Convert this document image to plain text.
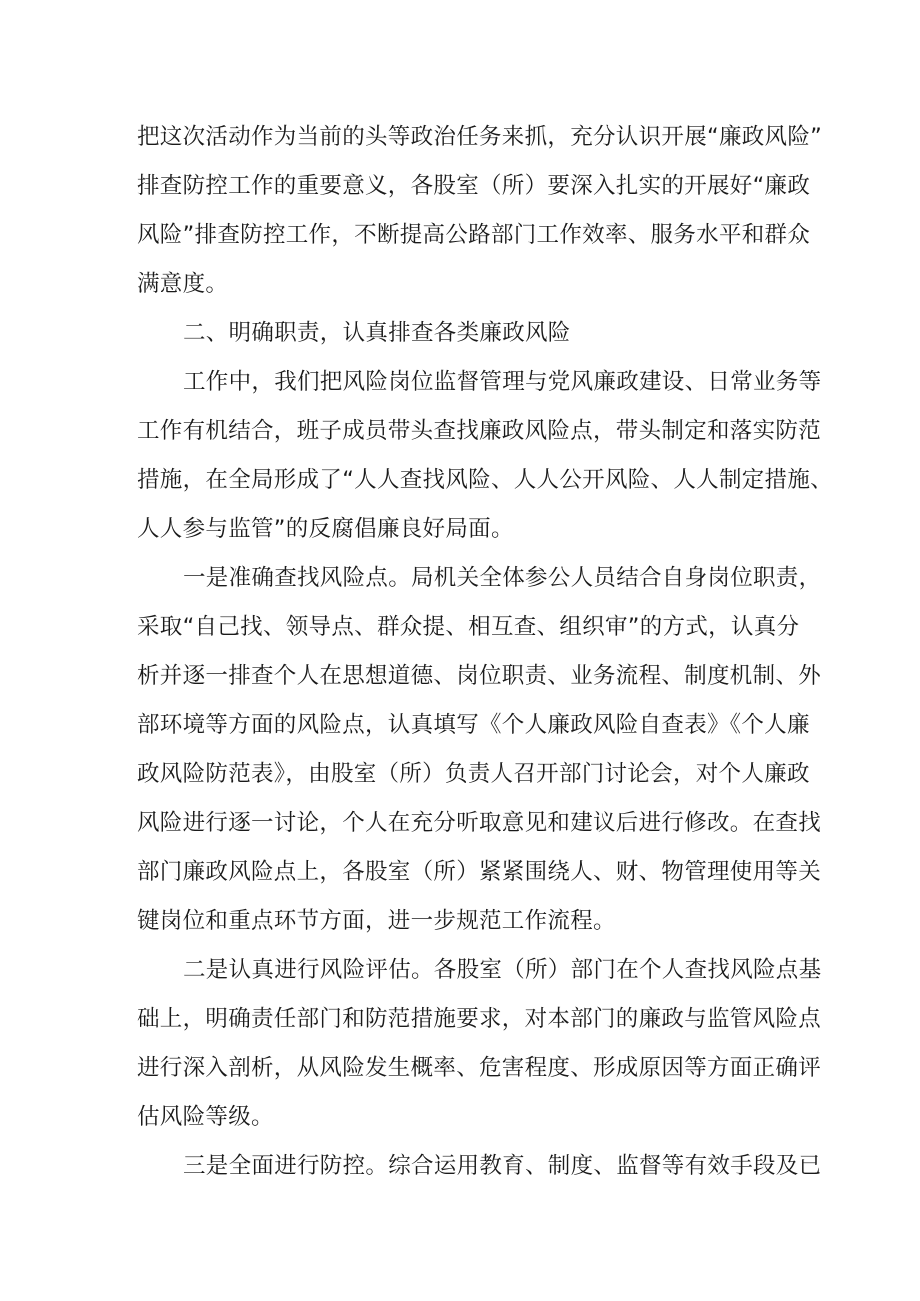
把这次活动作为当前的头等政治任务来抓，充分认识开展“廉政风险”
排查防控工作的重要意义，各股室（所）要深入扎实的开展好“廉政
风险”排查防控工作，不断提高公路部门工作效率、服务水平和群众
满意度。
二、明确职责，认真排查各类廉政风险
工作中，我们把风险岗位监督管理与党风廉政建设、日常业务等
工作有机结合，班子成员带头查找廉政风险点，带头制定和落实防范
措施，在全局形成了“人人查找风险、人人公开风险、人人制定措施、
人人参与监管”的反腐倡廉良好局面。
一是准确查找风险点。局机关全体参公人员结合自身岗位职责，
采取“自己找、领导点、群众提、相互查、组织审”的方式，认真分
析并逐一排查个人在思想道德、岗位职责、业务流程、制度机制、外
部环境等方面的风险点，认真填写《个人廉政风险自查表》《个人廉
政风险防范表》，由股室（所）负责人召开部门讨论会，对个人廉政
风险进行逐一讨论，个人在充分听取意见和建议后进行修改。在查找
部门廉政风险点上，各股室（所）紧紧围绕人、财、物管理使用等关
键岗位和重点环节方面，进一步规范工作流程。
二是认真进行风险评估。各股室（所）部门在个人查找风险点基
础上，明确责任部门和防范措施要求，对本部门的廉政与监管风险点
进行深入剖析，从风险发生概率、危害程度、形成原因等方面正确评
估风险等级。
三是全面进行防控。综合运用教育、制度、监督等有效手段及已
